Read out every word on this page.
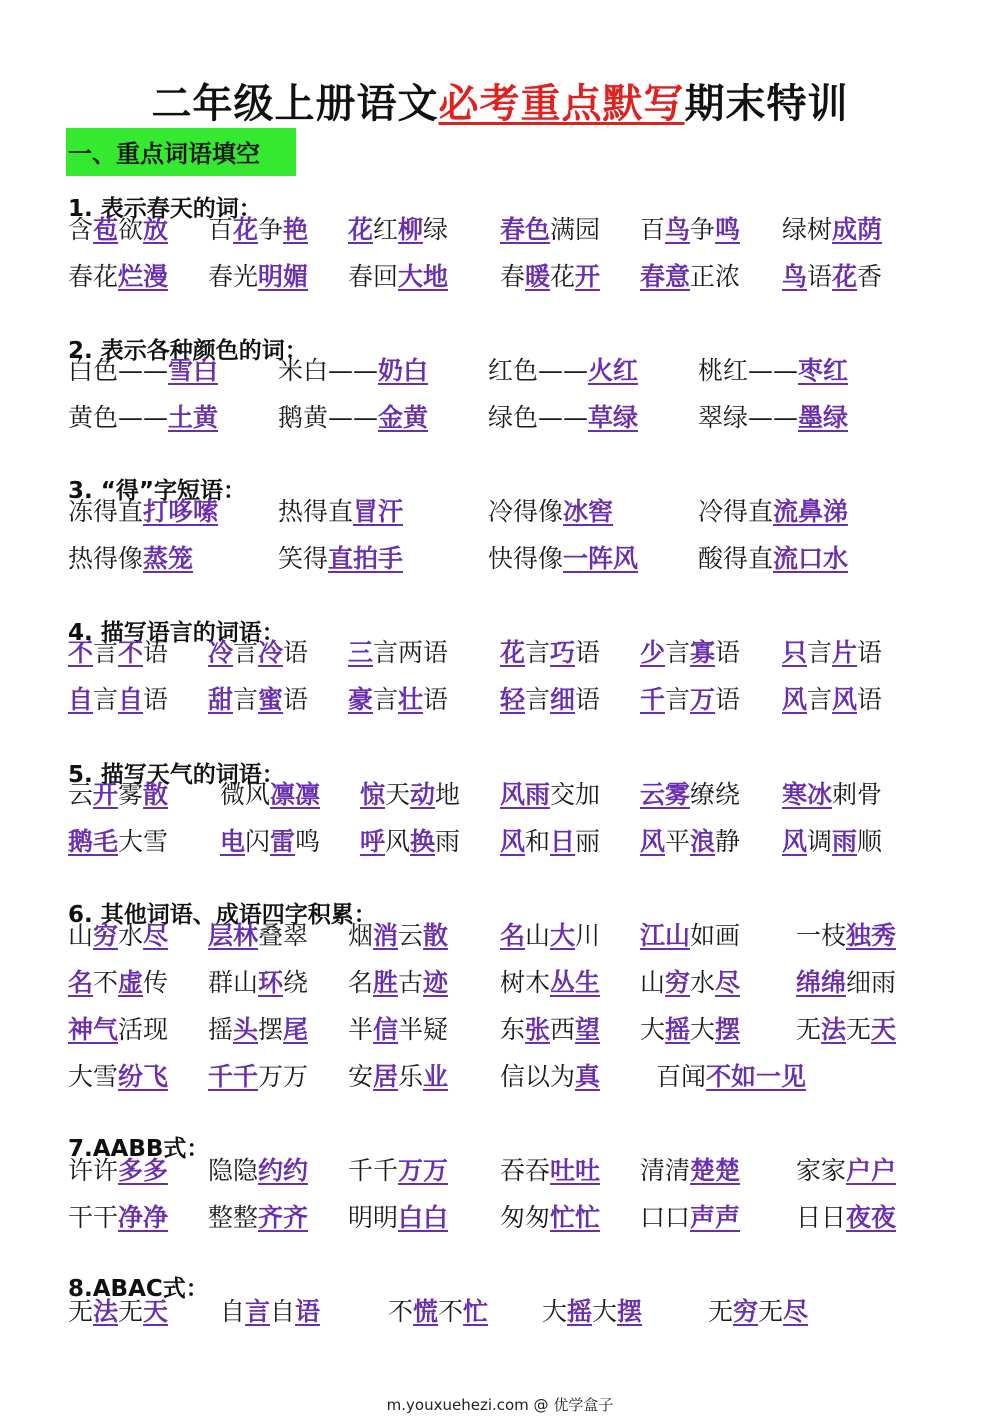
二年级上册语文必考重点默写期末特训
一、重点词语填空
1. 表示春天的词：
含苞欲放 百花争艳 花红柳绿 春色满园 百鸟争鸣 绿树成荫
春花烂漫 春光明媚 春回大地 春暖花开 春意正浓 鸟语花香
2. 表示各种颜色的词：
白色——雪白 米白——奶白 红色——火红 桃红——枣红
黄色——土黄 鹅黄——金黄 绿色——草绿 翠绿——墨绿
3. “得”字短语：
冻得直打哆嗦 热得直冒汗	冷得像冰窖	冷得直流鼻涕
热得像蒸笼	笑得直拍手	快得像一阵风 酸得直流口水
4. 描写语言的词语：
不言不语 冷言冷语 三言两语 花言巧语 少言寡语 只言片语
自言自语 甜言蜜语 豪言壮语 轻言细语 千言万语 风言风语
5. 描写天气的词语：
云开雾散 微风凛凛 惊天动地 风雨交加 云雾缭绕 寒冰刺骨
鹅毛大雪 电闪雷鸣 呼风换雨 风和日丽 风平浪静 风调雨顺
6. 其他词语、成语四字积累：
山穷水尽 层林叠翠 烟消云散 名山大川 江山如画 一枝独秀
名不虚传 群山环绕 名胜古迹 树木丛生 山穷水尽 绵绵细雨
神气活现 摇头摆尾 半信半疑 东张西望 大摇大摆 无法无天
大雪纷飞 千千万万 安居乐业 信以为真 百闻不如一见
7.AABB式：
许许多多 隐隐约约 千千万万 吞吞吐吐 清清楚楚 家家户户
干干净净 整整齐齐 明明白白 匆匆忙忙 口口声声 日日夜夜
8.ABAC式：
无法无天 自言自语	不慌不忙 大摇大摆	无穷无尽
m.youxuehezi.com @ 优学盒子
